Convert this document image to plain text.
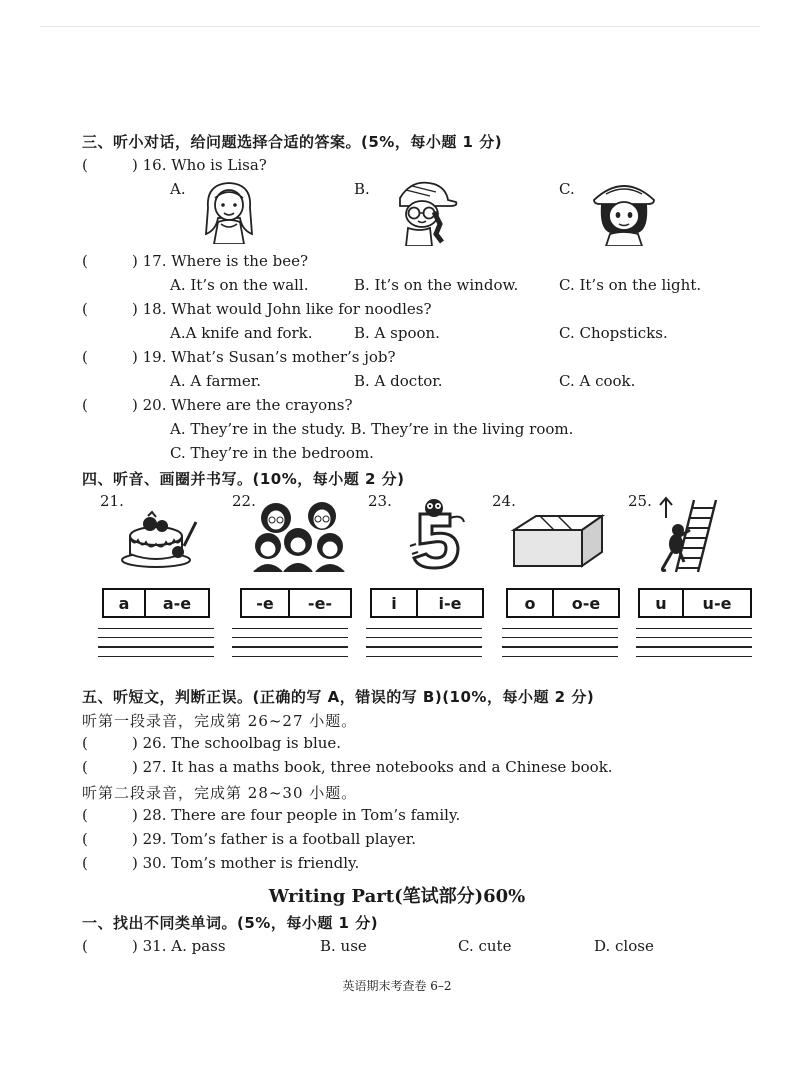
三、听小对话，给问题选择合适的答案。(5%，每小题 1 分)
(	) 16. Who is Lisa?
A.	B.	C.
(	) 17. Where is the bee?
A. It’s on the wall.	B. It’s on the window.	C. It’s on the light.
(	) 18. What would John like for noodles?
A.A knife and fork.	B. A spoon.	C. Chopsticks.
(	) 19. What’s Susan’s mother’s job?
A. A farmer.	B. A doctor.	C. A cook.
(	) 20. Where are the crayons?
A. They’re in the study. B. They’re in the living room.
C. They’re in the bedroom.
四、听音、画圈并书写。(10%，每小题 2 分)
21.	22.	23.	24.	25.
a	a-e	-e	-e-	i	i-e	o	o-e	u	u-e
五、听短文，判断正误。(正确的写 A，错误的写 B)(10%，每小题 2 分)
听第一段录音，完成第 26~27 小题。
(	) 26. The schoolbag is blue.
(	) 27. It has a maths book, three notebooks and a Chinese book.
听第二段录音，完成第 28~30 小题。
(	) 28. There are four people in Tom’s family.
(	) 29. Tom’s father is a football player.
(	) 30. Tom’s mother is friendly.
Writing Part(笔试部分)60%
一、找出不同类单词。(5%，每小题 1 分)
(	) 31. A. pass	B. use	C. cute	D. close
英语期末考查卷 6–2
